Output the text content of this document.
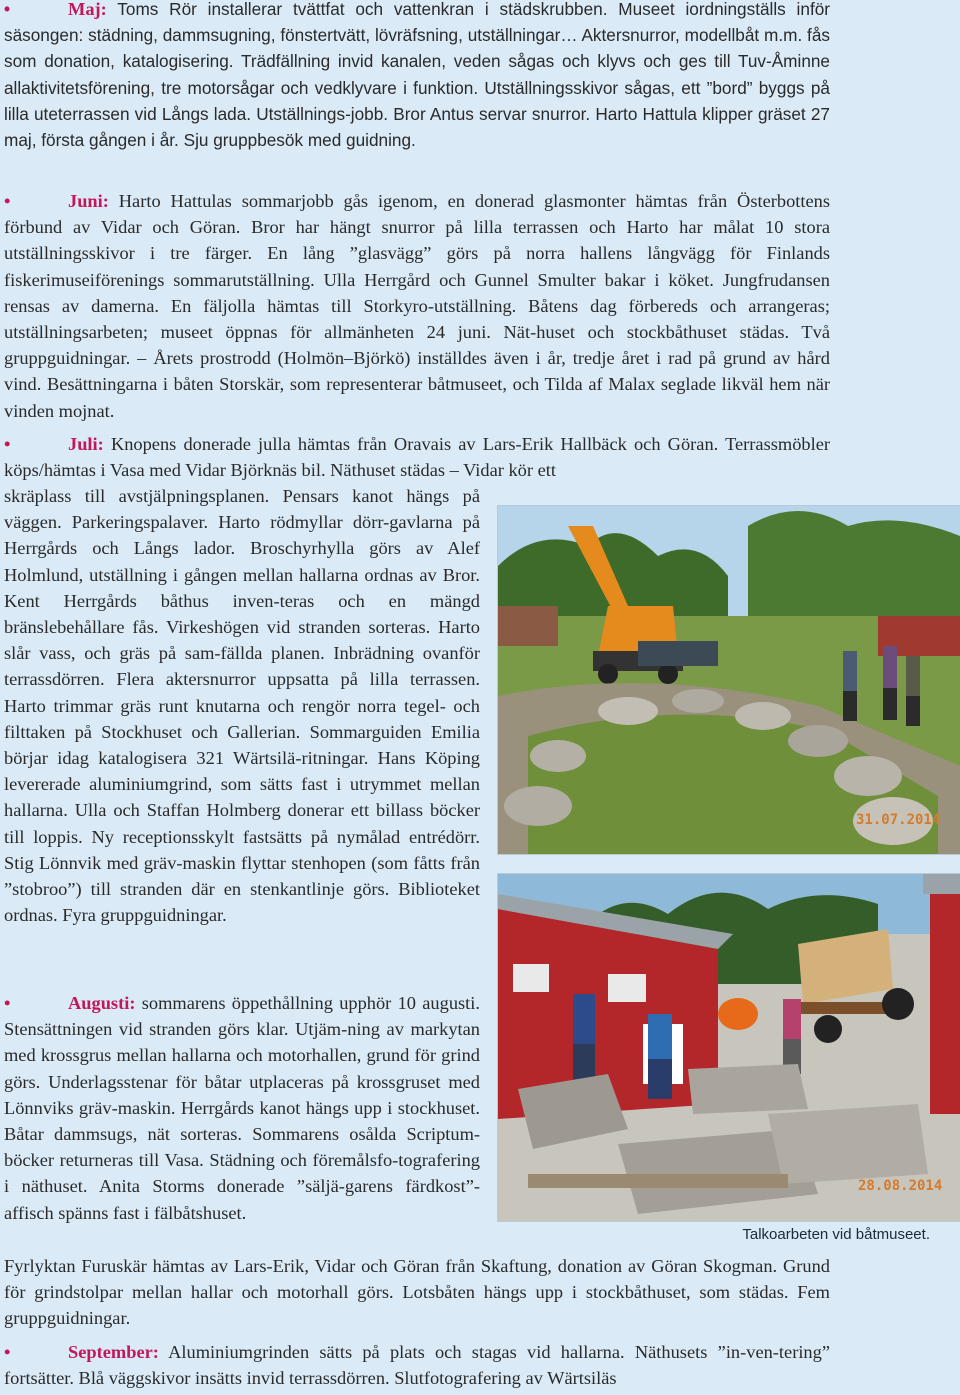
•	Maj: Toms Rör installerar tvättfat och vattenkran i städskrubben. Museet iordningställs inför säsongen: städning, dammsugning, fönstertvätt, lövräfsning, utställningar… Aktersnurror, modellbåt m.m. fås som donation, katalogisering. Trädfällning invid kanalen, veden sågas och klyvs och ges till Tuv-Åminne allaktivitetsförening, tre motorsågar och vedklyvare i funktion. Utställningsskivor sågas, ett ”bord” byggs på lilla uteterrassen vid Långs lada. Utställnings-jobb. Bror Antus servar snurror. Harto Hattula klipper gräset 27 maj, första gången i år. Sju gruppbesök med guidning.

•	Juni: Harto Hattulas sommarjobb gås igenom, en donerad glasmonter hämtas från Österbottens förbund av Vidar och Göran. Bror har hängt snurror på lilla terrassen och Harto har målat 10 stora utställningsskivor i tre färger. En lång ”glasvägg” görs på norra hallens långvägg för Finlands fiskerimuseiförenings sommarutställning. Ulla Herrgård och Gunnel Smulter bakar i köket. Jungfrudansen rensas av damerna. En fäljolla hämtas till Storkyro-utställning. Båtens dag förbereds och arrangeras; utställningsarbeten; museet öppnas för allmänheten 24 juni. Nät-huset och stockbåthuset städas. Två gruppguidningar. – Årets prostrodd (Holmön–Björkö) inställdes även i år, tredje året i rad på grund av hård vind. Besättningarna i båten Storskär, som representerar båtmuseet, och Tilda af Malax seglade likväl hem när vinden mojnat.

•	Juli: Knopens donerade julla hämtas från Oravais av Lars-Erik Hallbäck och Göran. Terrassmöbler köps/hämtas i Vasa med Vidar Björknäs bil. Näthuset städas – Vidar kör ett

skräplass till avstjälpningsplanen. Pensars kanot hängs på väggen. Parkeringspalaver. Harto rödmyllar dörr-gavlarna på Herrgårds och Långs lador. Broschyrhylla görs av Alef Holmlund, utställning i gången mellan hallarna ordnas av Bror. Kent Herrgårds båthus inven-teras och en mängd bränslebehållare fås. Virkeshögen vid stranden sorteras. Harto slår vass, och gräs på sam-fällda planen. Inbrädning ovanför terrassdörren. Flera aktersnurror uppsatta på lilla terrassen. Harto trimmar gräs runt knutarna och rengör norra tegel- och filttaken på Stockhuset och Gallerian. Sommarguiden Emilia börjar idag katalogisera 321 Wärtsilä-ritningar. Hans Köping levererade aluminiumgrind, som sätts fast i utrymmet mellan hallarna. Ulla och Staffan Holmberg donerar ett billass böcker till loppis. Ny receptionsskylt fastsätts på nymålad entrédörr. Stig Lönnvik med gräv-maskin flyttar stenhopen (som fåtts från ”stobroo”) till stranden där en stenkantlinje görs. Biblioteket ordnas. Fyra gruppguidningar.

•	Augusti: sommarens öppethållning upphör 10 augusti. Stensättningen vid stranden görs klar. Utjäm-ning av markytan med krossgrus mellan hallarna och motorhallen, grund för grind görs. Underlagsstenar för båtar utplaceras på krossgruset med Lönnviks gräv-maskin. Herrgårds kanot hängs upp i stockhuset. Båtar dammsugs, nät sorteras. Sommarens osålda Scriptum-böcker returneras till Vasa. Städning och föremålsfo-tografering i näthuset. Anita Storms donerade ”säljä-garens färdkost”-affisch spänns fast i fälbåtshuset.

Fyrlyktan Furuskär hämtas av Lars-Erik, Vidar och Göran från Skaftung, donation av Göran Skogman. Grund för grindstolpar mellan hallar och motorhall görs. Lotsbåten hängs upp i stockbåthuset, som städas. Fem gruppguidningar.

•	September: Aluminiumgrinden sätts på plats och stagas vid hallarna. Näthusets ”in-ven-tering” fortsätter. Blå väggskivor insätts invid terrassdörren. Slutfotografering av Wärtsiläs

31.07.2014
28.08.2014
Talkoarbeten vid båtmuseet.
